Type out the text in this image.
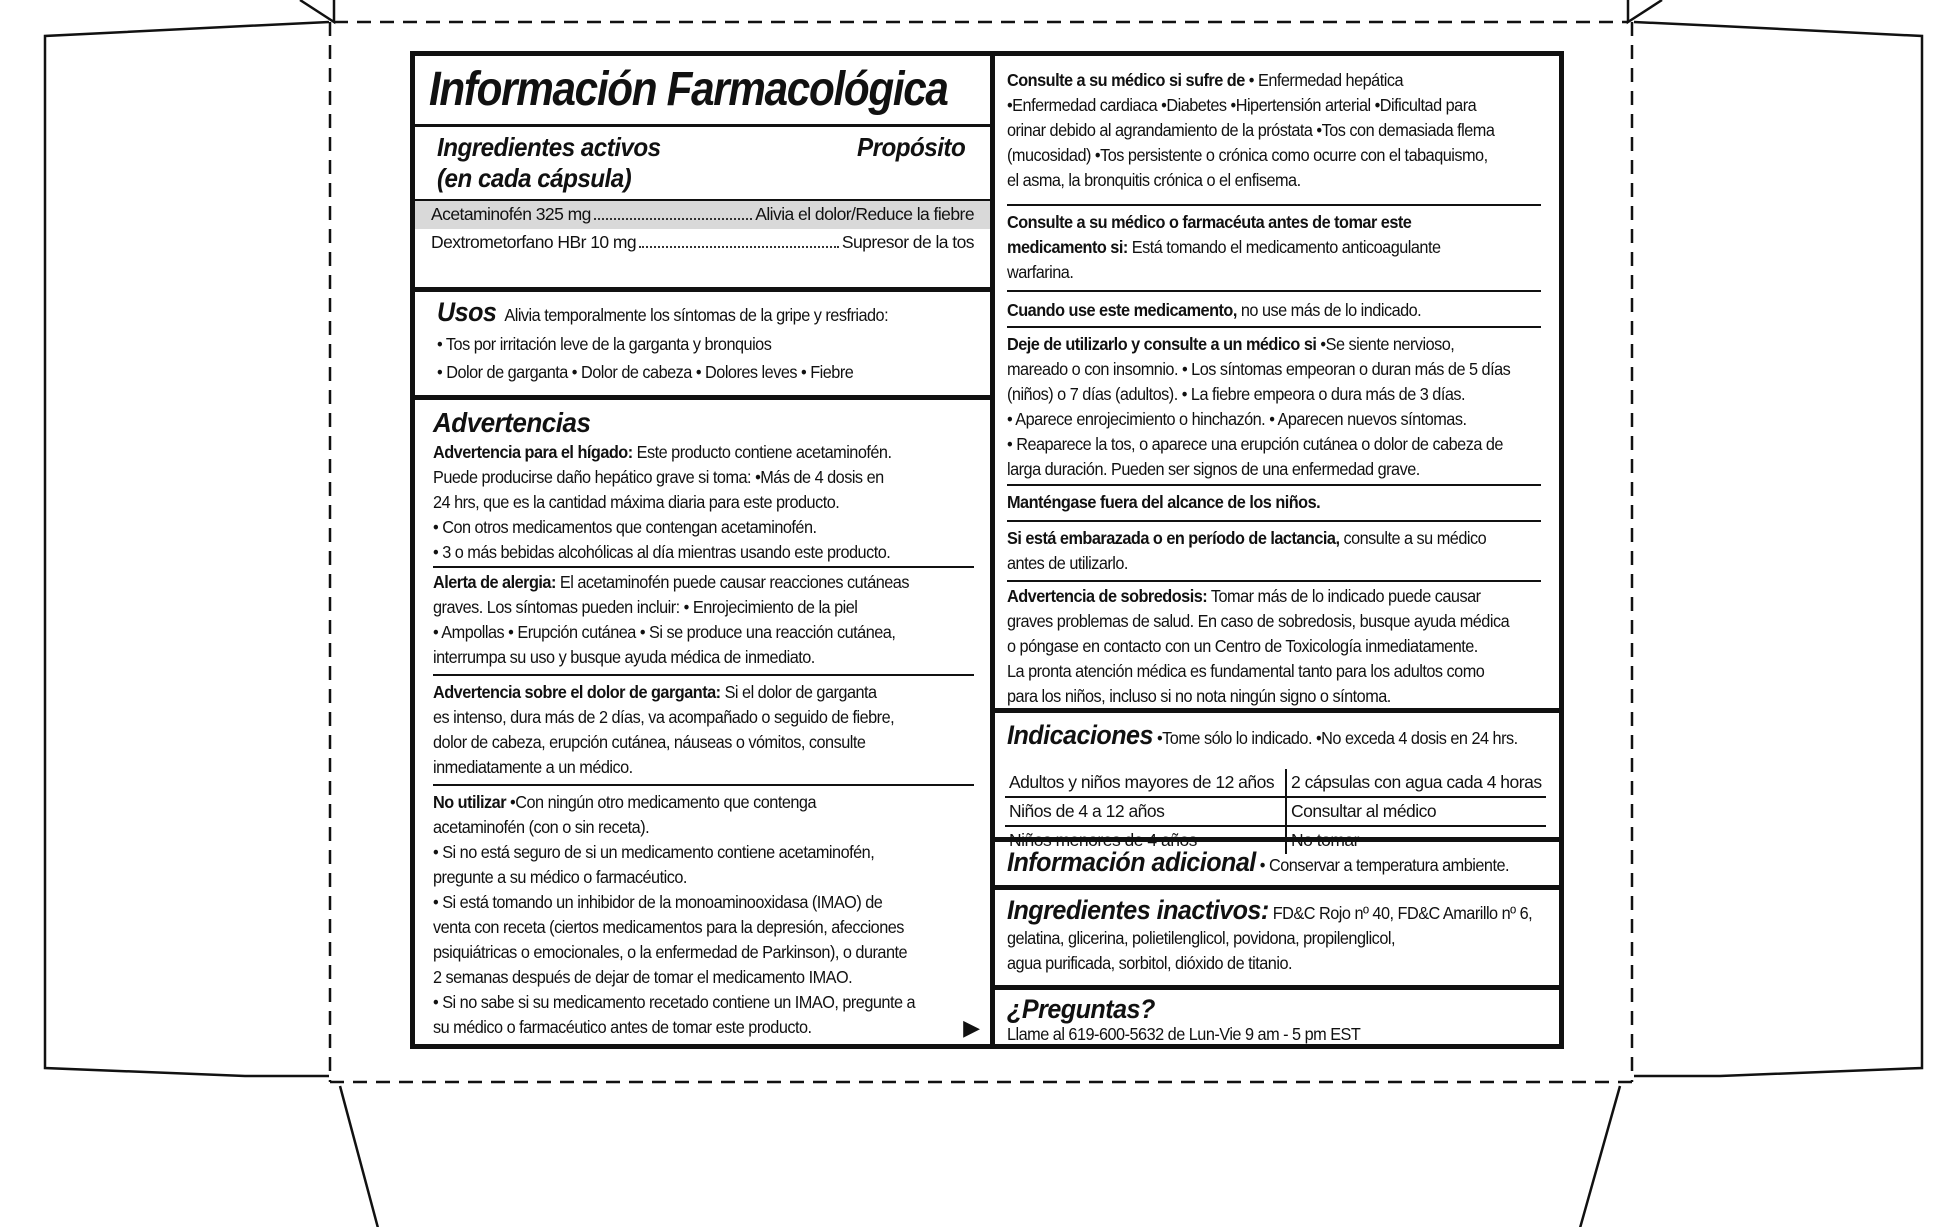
Información Farmacológica
Ingredientes activos
(en cada cápsula)
Propósito
Acetaminofén 325 mg	Alivia el dolor/Reduce la fiebre
Dextrometorfano HBr 10 mg	Supresor de la tos
Usos Alivia temporalmente los síntomas de la gripe y resfriado:
• Tos por irritación leve de la garganta y bronquios
• Dolor de garganta • Dolor de cabeza • Dolores leves • Fiebre
Advertencias
Advertencia para el hígado: Este producto contiene acetaminofén.
Puede producirse daño hepático grave si toma: •Más de 4 dosis en
24 hrs, que es la cantidad máxima diaria para este producto.
• Con otros medicamentos que contengan acetaminofén.
• 3 o más bebidas alcohólicas al día mientras usando este producto.
Alerta de alergia: El acetaminofén puede causar reacciones cutáneas
graves. Los síntomas pueden incluir: • Enrojecimiento de la piel
• Ampollas • Erupción cutánea • Si se produce una reacción cutánea,
interrumpa su uso y busque ayuda médica de inmediato.
Advertencia sobre el dolor de garganta: Si el dolor de garganta
es intenso, dura más de 2 días, va acompañado o seguido de fiebre,
dolor de cabeza, erupción cutánea, náuseas o vómitos, consulte
inmediatamente a un médico.
No utilizar •Con ningún otro medicamento que contenga
acetaminofén (con o sin receta).
• Si no está seguro de si un medicamento contiene acetaminofén,
pregunte a su médico o farmacéutico.
• Si está tomando un inhibidor de la monoaminooxidasa (IMAO) de
venta con receta (ciertos medicamentos para la depresión, afecciones
psiquiátricas o emocionales, o la enfermedad de Parkinson), o durante
2 semanas después de dejar de tomar el medicamento IMAO.
• Si no sabe si su medicamento recetado contiene un IMAO, pregunte a
su médico o farmacéutico antes de tomar este producto.	▶
Consulte a su médico si sufre de • Enfermedad hepática
•Enfermedad cardiaca •Diabetes •Hipertensión arterial •Dificultad para
orinar debido al agrandamiento de la próstata •Tos con demasiada flema
(mucosidad) •Tos persistente o crónica como ocurre con el tabaquismo,
el asma, la bronquitis crónica o el enfisema.
Consulte a su médico o farmacéuta antes de tomar este
medicamento si: Está tomando el medicamento anticoagulante
warfarina.
Cuando use este medicamento, no use más de lo indicado.
Deje de utilizarlo y consulte a un médico si •Se siente nervioso,
mareado o con insomnio. • Los síntomas empeoran o duran más de 5 días
(niños) o 7 días (adultos). • La fiebre empeora o dura más de 3 días.
• Aparece enrojecimiento o hinchazón. • Aparecen nuevos síntomas.
• Reaparece la tos, o aparece una erupción cutánea o dolor de cabeza de
larga duración. Pueden ser signos de una enfermedad grave.
Manténgase fuera del alcance de los niños.
Si está embarazada o en período de lactancia, consulte a su médico
antes de utilizarlo.
Advertencia de sobredosis: Tomar más de lo indicado puede causar
graves problemas de salud. En caso de sobredosis, busque ayuda médica
o póngase en contacto con un Centro de Toxicología inmediatamente.
La pronta atención médica es fundamental tanto para los adultos como
para los niños, incluso si no nota ningún signo o síntoma.
Indicaciones •Tome sólo lo indicado. •No exceda 4 dosis en 24 hrs.
Adultos y niños mayores de 12 años	2 cápsulas con agua cada 4 horas
Niños de 4 a 12 años	Consultar al médico
Niños menores de 4 años	No tomar
Información adicional • Conservar a temperatura ambiente.
Ingredientes inactivos: FD&C Rojo nº 40, FD&C Amarillo nº 6,
gelatina, glicerina, polietilenglicol, povidona, propilenglicol,
agua purificada, sorbitol, dióxido de titanio.
¿Preguntas?
Llame al 619-600-5632 de Lun-Vie 9 am - 5 pm EST
